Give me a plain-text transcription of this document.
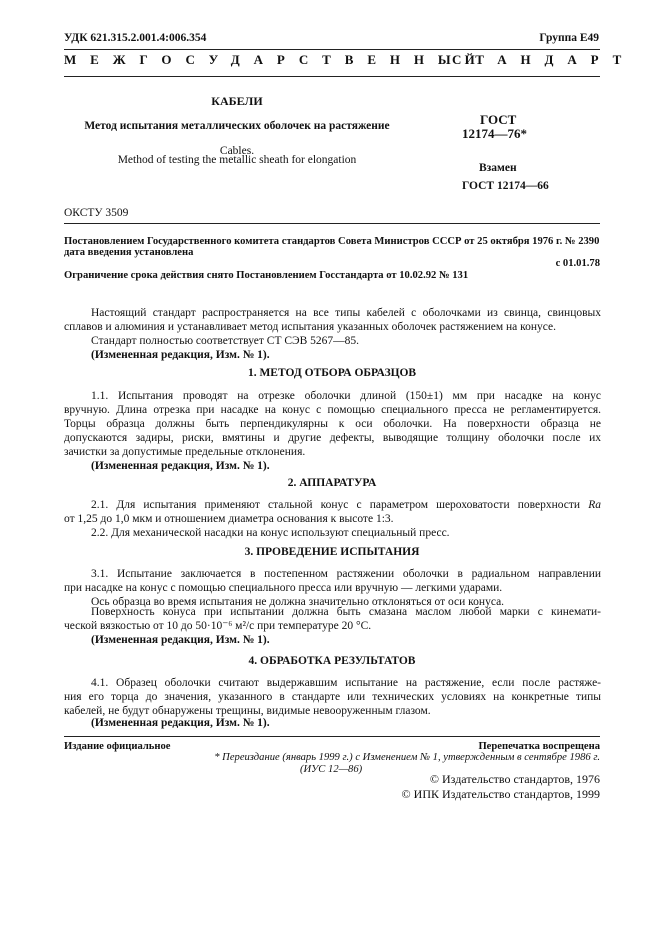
УДК 621.315.2.001.4:006.354	Группа Е49
МЕЖГОСУДАРСТВЕННЫЙ
СТАНДАРТ
КАБЕЛИ
Метод испытания металлических оболочек на растяжение
Cables.
Method of testing the metallic sheath for elongation
ГОСТ
12174—76*
Взамен
ГОСТ 12174—66
ОКСТУ 3509
Постановлением Государственного комитета стандартов Совета Министров СССР от 25 октября 1976 г. № 2390
дата введения установлена
с 01.01.78
Ограничение срока действия снято Постановлением Госстандарта от 10.02.92 № 131
Настоящий стандарт распространяется на все типы кабелей с оболочками из свинца, свинцовых
сплавов и алюминия и устанавливает метод испытания указанных оболочек растяжением на конусе.
Стандарт полностью соответствует СТ СЭВ 5267—85.
(Измененная редакция, Изм. № 1).
1. МЕТОД ОТБОРА ОБРАЗЦОВ
1.1. Испытания проводят на отрезке оболочки длиной (150±1) мм при насадке на конус
вручную. Длина отрезка при насадке на конус с помощью специального пресса не регламентируется.
Торцы образца должны быть перпендикулярны к оси оболочки. На поверхности образца не
допускаются задиры, риски, вмятины и другие дефекты, выводящие толщину оболочки после их
зачистки за допустимые предельные отклонения.
(Измененная редакция, Изм. № 1).
2. АППАРАТУРА
2.1. Для испытания применяют стальной конус с параметром шероховатости поверхности Ra
от 1,25 до 1,0 мкм и отношением диаметра основания к высоте 1:3.
2.2. Для механической насадки на конус используют специальный пресс.
3. ПРОВЕДЕНИЕ ИСПЫТАНИЯ
3.1. Испытание заключается в постепенном растяжении оболочки в радиальном направлении
при насадке на конус с помощью специального пресса или вручную — легкими ударами.
Ось образца во время испытания не должна значительно отклоняться от оси конуса.
Поверхность конуса при испытании должна быть смазана маслом любой марки с кинемати-
ческой вязкостью от 10 до 50·10⁻⁶ м²/с при температуре 20 °С.
(Измененная редакция, Изм. № 1).
4. ОБРАБОТКА РЕЗУЛЬТАТОВ
4.1. Образец оболочки считают выдержавшим испытание на растяжение, если после растяже-
ния его торца до значения, указанного в стандарте или технических условиях на конкретные типы
кабелей, не будут обнаружены трещины, видимые невооруженным глазом.
(Измененная редакция, Изм. № 1).
Издание официальное	Перепечатка воспрещена
* Переиздание (январь 1999 г.) с Изменением № 1, утвержденным в сентябре 1986 г.
(ИУС 12—86)
© Издательство стандартов, 1976
© ИПК Издательство стандартов, 1999
